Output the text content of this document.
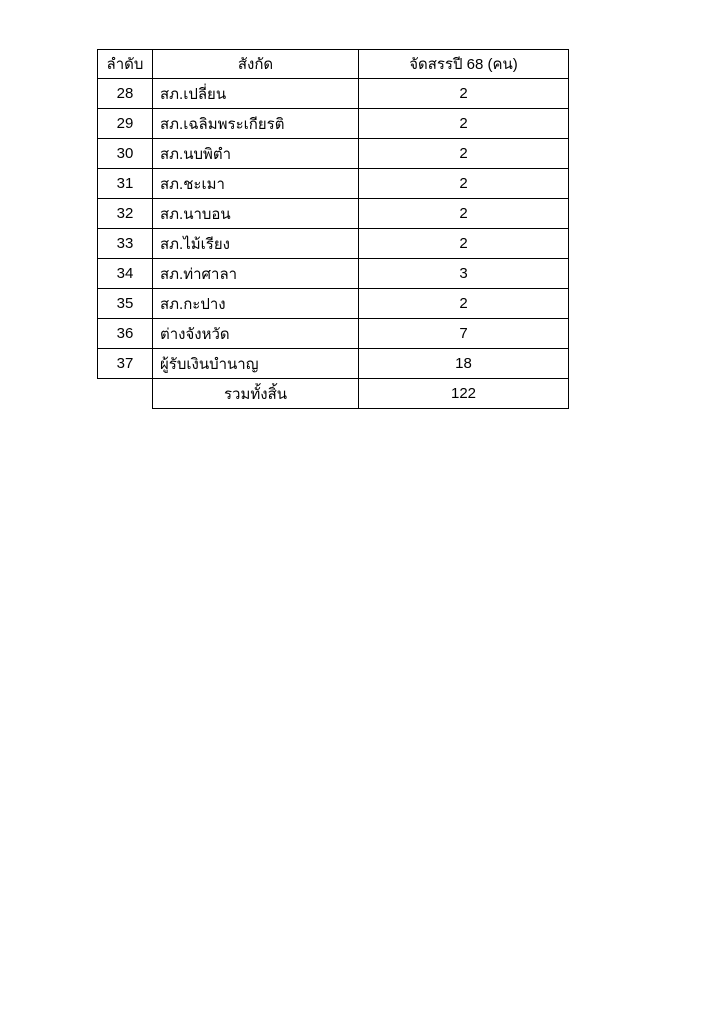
ลำดับ	สังกัด	จัดสรรปี 68 (คน)
28	สภ.เปลี่ยน	2
29	สภ.เฉลิมพระเกียรติ	2
30	สภ.นบพิตำ	2
31	สภ.ชะเมา	2
32	สภ.นาบอน	2
33	สภ.ไม้เรียง	2
34	สภ.ท่าศาลา	3
35	สภ.กะปาง	2
36	ต่างจังหวัด	7
37	ผู้รับเงินบำนาญ	18
	รวมทั้งสิ้น	122
